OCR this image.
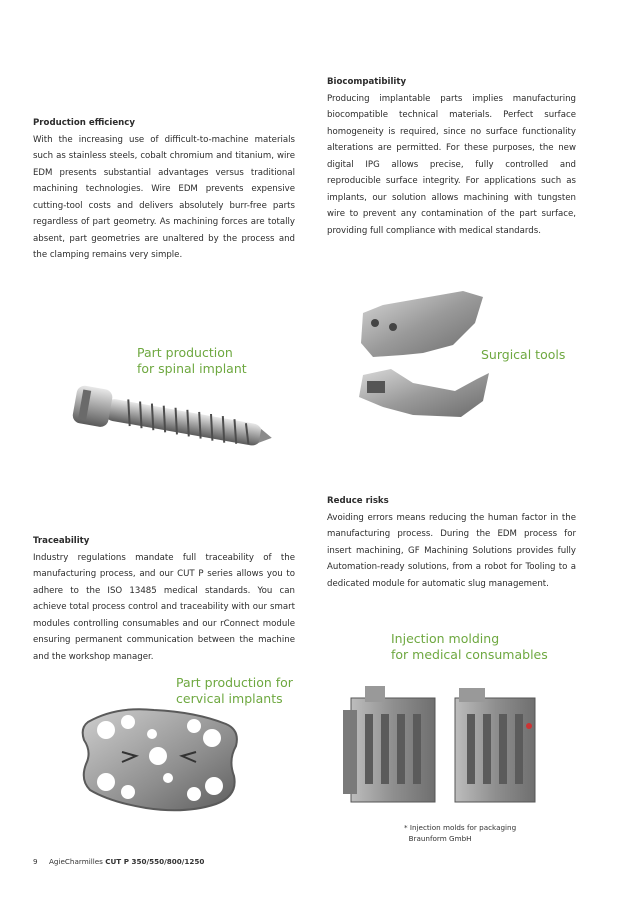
Production efficiency

With the increasing use of difficult-to-machine materials such as stainless steels, cobalt chromium and titanium, wire EDM presents substantial advantages versus traditional machining technologies. Wire EDM prevents expensive cutting-tool costs and delivers absolutely burr-free parts regardless of part geometry. As machining forces are totally absent, part geometries are unaltered by the process and the clamping remains very simple.

Biocompatibility

Producing implantable parts implies manufacturing biocompatible technical materials. Perfect surface homogeneity is required, since no surface functionality alterations are permitted. For these purposes, the new digital IPG allows precise, fully controlled and reproducible surface integrity. For applications such as implants, our solution allows machining with tungsten wire to prevent any contamination of the part surface, providing full compliance with medical standards.

Part production
for spinal implant
Surgical tools
Traceability

Industry regulations mandate full traceability of the manufacturing process, and our CUT P series allows you to adhere to the ISO 13485 medical standards. You can achieve total process control and traceability with our smart modules controlling consumables and our rConnect module ensuring permanent communication between the machine and the workshop manager.

Reduce risks

Avoiding errors means reducing the human factor in the manufacturing process. During the EDM process for insert machining, GF Machining Solutions provides fully Automation-ready solutions, from a robot for Tooling to a dedicated module for automatic slug management.

Injection molding
for medical consumables
Part production for
cervical implants
* Injection molds for packaging
Braunform GmbH
9 AgieCharmilles CUT P 350/550/800/1250
